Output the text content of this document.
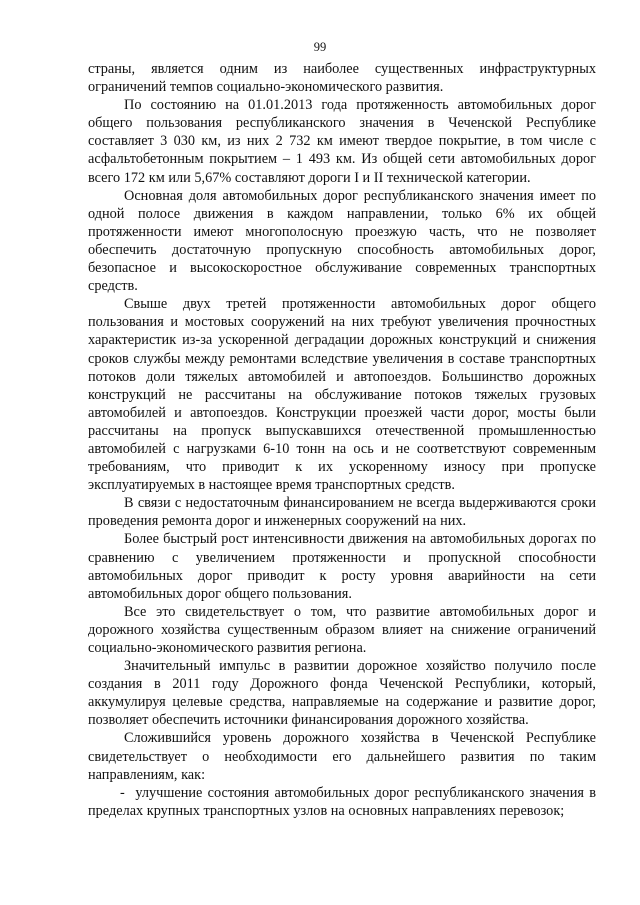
99

страны, является одним из наиболее существенных инфраструктурных ограничений темпов социально-экономического развития.

По состоянию на 01.01.2013 года протяженность автомобильных дорог общего пользования республиканского значения в Чеченской Республике составляет 3 030 км, из них 2 732 км имеют твердое покрытие, в том числе с асфальтобетонным покрытием – 1 493 км. Из общей сети автомобильных дорог всего 172 км или 5,67% составляют дороги I и II технической категории.

Основная доля автомобильных дорог республиканского значения имеет по одной полосе движения в каждом направлении, только 6% их общей протяженности имеют многополосную проезжую часть, что не позволяет обеспечить достаточную пропускную способность автомобильных дорог, безопасное и высокоскоростное обслуживание современных транспортных средств.

Свыше двух третей протяженности автомобильных дорог общего пользования и мостовых сооружений на них требуют увеличения прочностных характеристик из-за ускоренной деградации дорожных конструкций и снижения сроков службы между ремонтами вследствие увеличения в составе транспортных потоков доли тяжелых автомобилей и автопоездов. Большинство дорожных конструкций не рассчитаны на обслуживание потоков тяжелых грузовых автомобилей и автопоездов. Конструкции проезжей части дорог, мосты были рассчитаны на пропуск выпускавшихся отечественной промышленностью автомобилей с нагрузками 6-10 тонн на ось и не соответствуют современным требованиям, что приводит к их ускоренному износу при пропуске эксплуатируемых в настоящее время транспортных средств.

В связи с недостаточным финансированием не всегда выдерживаются сроки проведения ремонта дорог и инженерных сооружений на них.

Более быстрый рост интенсивности движения на автомобильных дорогах по сравнению с увеличением протяженности и пропускной способности автомобильных дорог приводит к росту уровня аварийности на сети автомобильных дорог общего пользования.

Все это свидетельствует о том, что развитие автомобильных дорог и дорожного хозяйства существенным образом влияет на снижение ограничений социально-экономического развития региона.

Значительный импульс в развитии дорожное хозяйство получило после создания в 2011 году Дорожного фонда Чеченской Республики, который, аккумулируя целевые средства, направляемые на содержание и развитие дорог, позволяет обеспечить источники финансирования дорожного хозяйства.

Сложившийся уровень дорожного хозяйства в Чеченской Республике свидетельствует о необходимости его дальнейшего развития по таким направлениям, как:

- улучшение состояния автомобильных дорог республиканского значения в пределах крупных транспортных узлов на основных направлениях перевозок;
